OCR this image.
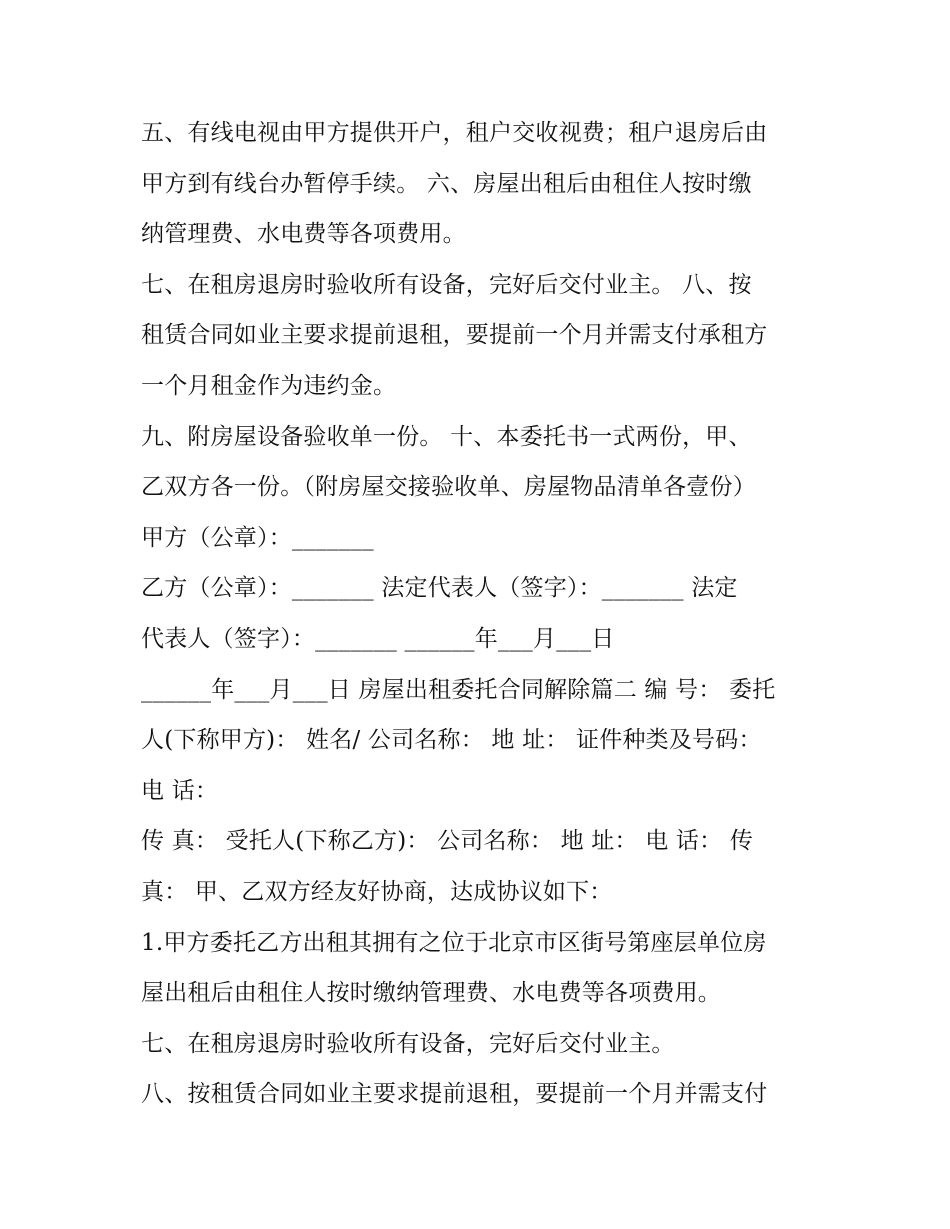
五、有线电视由甲方提供开户，租户交收视费；租户退房后由
甲方到有线台办暂停手续。 六、房屋出租后由租住人按时缴
纳管理费、水电费等各项费用。
七、在租房退房时验收所有设备，完好后交付业主。 八、按
租赁合同如业主要求提前退租，要提前一个月并需支付承租方
一个月租金作为违约金。
九、附房屋设备验收单一份。 十、本委托书一式两份，甲、
乙双方各一份。（附房屋交接验收单、房屋物品清单各壹份）
甲方（公章）：_______
乙方（公章）：_______ 法定代表人（签字）：_______ 法定
代表人（签字）：_______ ______年___月___日
______年___月___日 房屋出租委托合同解除篇二 编 号： 委托
人(下称甲方)： 姓名/ 公司名称： 地 址： 证件种类及号码：
电 话：
传 真： 受托人(下称乙方)： 公司名称： 地 址： 电 话： 传
真： 甲、乙双方经友好协商，达成协议如下：
1.甲方委托乙方出租其拥有之位于北京市区街号第座层单位房
屋出租后由租住人按时缴纳管理费、水电费等各项费用。
七、在租房退房时验收所有设备，完好后交付业主。
八、按租赁合同如业主要求提前退租，要提前一个月并需支付
